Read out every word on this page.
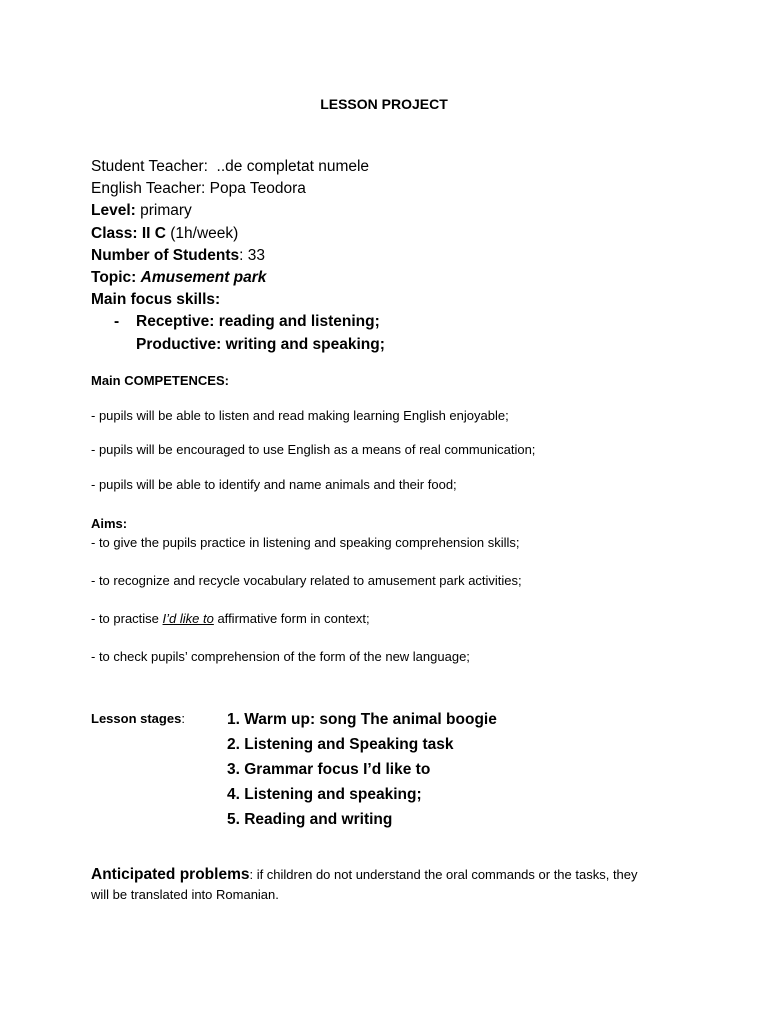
LESSON PROJECT
Student Teacher: ..de completat numele
English Teacher: Popa Teodora
Level: primary
Class: II C (1h/week)
Number of Students: 33
Topic: Amusement park
Main focus skills:
- Receptive: reading and listening;
Productive: writing and speaking;
Main COMPETENCES:
- pupils will be able to listen and read making learning English enjoyable;
- pupils will be encouraged to use English as a means of real communication;
- pupils will be able to identify and name animals and their food;
Aims:
- to give the pupils practice in listening and speaking comprehension skills;
- to recognize and recycle vocabulary related to amusement park activities;
- to practise I’d like to affirmative form in context;
- to check pupils’ comprehension of the form of the new language;
Lesson stages:	1. Warm up: song The animal boogie
2. Listening and Speaking task
3. Grammar focus I’d like to
4. Listening and speaking;
5. Reading and writing
Anticipated problems: if children do not understand the oral commands or the tasks, they
will be translated into Romanian.
